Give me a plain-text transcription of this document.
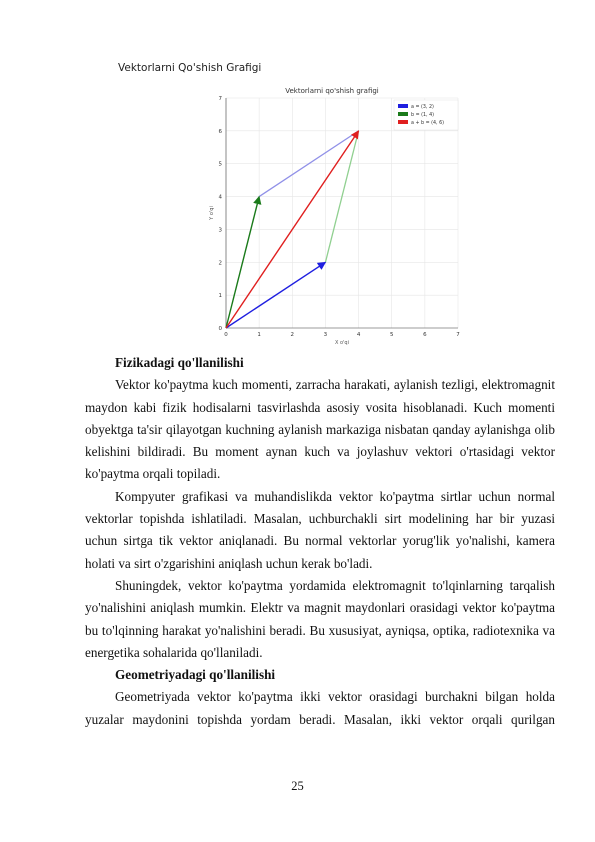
Vektorlarni Qo'shish Grafigi
0	1	2	3	4	5	6	7
0
1
2
3
4
5
6
7
Vektorlarni qo'shish grafigi
X o'qi
Y o'qi
a = (3, 2)
b = (1, 4)
a + b = (4, 6)
Fizikadagi qo'llanilishi

Vektor ko'paytma kuch momenti, zarracha harakati, aylanish tezligi, elektromagnit maydon kabi fizik hodisalarni tasvirlashda asosiy vosita hisoblanadi. Kuch momenti obyektga ta'sir qilayotgan kuchning aylanish markaziga nisbatan qanday aylanishga olib kelishini bildiradi. Bu moment aynan kuch va joylashuv vektori o'rtasidagi vektor ko'paytma orqali topiladi.

Kompyuter grafikasi va muhandislikda vektor ko'paytma sirtlar uchun normal vektorlar topishda ishlatiladi. Masalan, uchburchakli sirt modelining har bir yuzasi uchun sirtga tik vektor aniqlanadi. Bu normal vektorlar yorug'lik yo'nalishi, kamera holati va sirt o'zgarishini aniqlash uchun kerak bo'ladi.

Shuningdek, vektor ko'paytma yordamida elektromagnit to'lqinlarning tarqalish yo'nalishini aniqlash mumkin. Elektr va magnit maydonlari orasidagi vektor ko'paytma bu to'lqinning harakat yo'nalishini beradi. Bu xususiyat, ayniqsa, optika, radiotexnika va energetika sohalarida qo'llaniladi.

Geometriyadagi qo'llanilishi

Geometriyada vektor ko'paytma ikki vektor orasidagi burchakni bilgan holda yuzalar maydonini topishda yordam beradi. Masalan, ikki vektor orqali qurilgan

25
